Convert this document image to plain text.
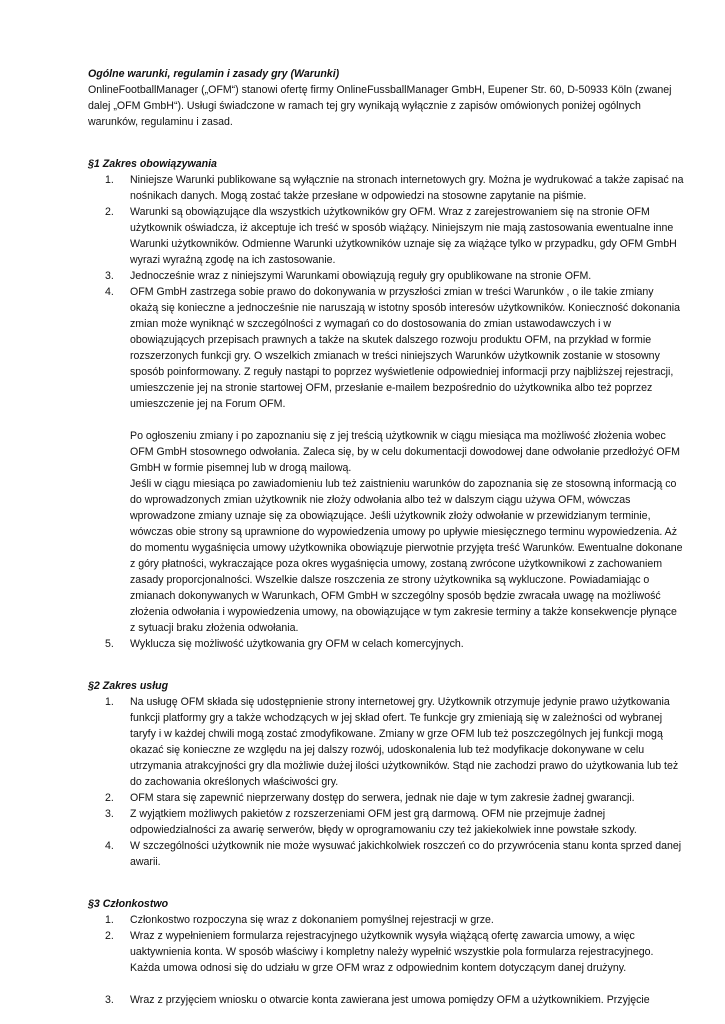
Ogólne warunki, regulamin i zasady gry (Warunki)

OnlineFootballManager („OFM“) stanowi ofertę firmy OnlineFussballManager GmbH, Eupener Str. 60, D-50933 Köln (zwanej dalej „OFM GmbH“). Usługi świadczone w ramach tej gry wynikają wyłącznie z zapisów omówionych poniżej ogólnych warunków, regulaminu i zasad.

§1 Zakres obowiązywania
1. Niniejsze Warunki publikowane są wyłącznie na stronach internetowych gry. Można je wydrukować a także zapisać na nośnikach danych. Mogą zostać także przesłane w odpowiedzi na stosowne zapytanie na piśmie.
2. Warunki są obowiązujące dla wszystkich użytkowników gry OFM. Wraz z zarejestrowaniem się na stronie OFM użytkownik oświadcza, iż akceptuje ich treść w sposób wiążący. Niniejszym nie mają zastosowania ewentualne inne Warunki użytkowników. Odmienne Warunki użytkowników uznaje się za wiążące tylko w przypadku, gdy OFM GmbH wyrazi wyraźną zgodę na ich zastosowanie.
3. Jednocześnie wraz z niniejszymi Warunkami obowiązują reguły gry opublikowane na stronie OFM.
4. OFM GmbH zastrzega sobie prawo do dokonywania w przyszłości zmian w treści Warunków , o ile takie zmiany okażą się konieczne a jednocześnie nie naruszają w istotny sposób interesów użytkowników. Konieczność dokonania zmian może wyniknąć w szczególności z wymagań co do dostosowania do zmian ustawodawczych i w obowiązujących przepisach prawnych a także na skutek dalszego rozwoju produktu OFM, na przykład w formie rozszerzonych funkcji gry. O wszelkich zmianach w treści niniejszych Warunków użytkownik zostanie w stosowny sposób poinformowany. Z reguły nastąpi to poprzez wyświetlenie odpowiedniej informacji przy najbliższej rejestracji, umieszczenie jej na stronie startowej OFM, przesłanie e-mailem bezpośrednio do użytkownika albo też poprzez umieszczenie jej na Forum OFM.
Po ogłoszeniu zmiany i po zapoznaniu się z jej treścią użytkownik w ciągu miesiąca ma możliwość złożenia wobec OFM GmbH stosownego odwołania. Zaleca się, by w celu dokumentacji dowodowej dane odwołanie przedłożyć OFM GmbH w formie pisemnej lub w drogą mailową.
Jeśli w ciągu miesiąca po zawiadomieniu lub też zaistnieniu warunków do zapoznania się ze stosowną informacją co do wprowadzonych zmian użytkownik nie złoży odwołania albo też w dalszym ciągu używa OFM, wówczas wprowadzone zmiany uznaje się za obowiązujące. Jeśli użytkownik złoży odwołanie w przewidzianym terminie, wówczas obie strony są uprawnione do wypowiedzenia umowy po upływie miesięcznego terminu wypowiedzenia. Aż do momentu wygaśnięcia umowy użytkownika obowiązuje pierwotnie przyjęta treść Warunków. Ewentualne dokonane z góry płatności, wykraczające poza okres wygaśnięcia umowy, zostaną zwrócone użytkownikowi z zachowaniem zasady proporcjonalności. Wszelkie dalsze roszczenia ze strony użytkownika są wykluczone. Powiadamiając o zmianach dokonywanych w Warunkach, OFM GmbH w szczególny sposób będzie zwracała uwagę na możliwość złożenia odwołania i wypowiedzenia umowy, na obowiązujące w tym zakresie terminy a także konsekwencje płynące z sytuacji braku złożenia odwołania.
5. Wyklucza się możliwość użytkowania gry OFM w celach komercyjnych.
§2 Zakres usług
1. Na usługę OFM składa się udostępnienie strony internetowej gry. Użytkownik otrzymuje jedynie prawo użytkowania funkcji platformy gry a także wchodzących w jej skład ofert. Te funkcje gry zmieniają się w zależności od wybranej taryfy i w każdej chwili mogą zostać zmodyfikowane. Zmiany w grze OFM lub też poszczególnych jej funkcji mogą okazać się konieczne ze względu na jej dalszy rozwój, udoskonalenia lub też modyfikacje dokonywane w celu utrzymania atrakcyjności gry dla możliwie dużej ilości użytkowników. Stąd nie zachodzi prawo do użytkowania lub też do zachowania określonych właściwości gry.
2. OFM stara się zapewnić nieprzerwany dostęp do serwera, jednak nie daje w tym zakresie żadnej gwarancji.
3. Z wyjątkiem możliwych pakietów z rozszerzeniami OFM jest grą darmową. OFM nie przejmuje żadnej odpowiedzialności za awarię serwerów, błędy w oprogramowaniu czy też jakiekolwiek inne powstałe szkody.
4. W szczególności użytkownik nie może wysuwać jakichkolwiek roszczeń co do przywrócenia stanu konta sprzed danej awarii.
§3 Członkostwo
1. Członkostwo rozpoczyna się wraz z dokonaniem pomyślnej rejestracji w grze.
2. Wraz z wypełnieniem formularza rejestracyjnego użytkownik wysyła wiążącą ofertę zawarcia umowy, a więc uaktywnienia konta. W sposób właściwy i kompletny należy wypełnić wszystkie pola formularza rejestracyjnego. Każda umowa odnosi się do udziału w grze OFM wraz z odpowiednim kontem dotyczącym danej drużyny.
3. Wraz z przyjęciem wniosku o otwarcie konta zawierana jest umowa pomiędzy OFM a użytkownikiem. Przyjęcie
